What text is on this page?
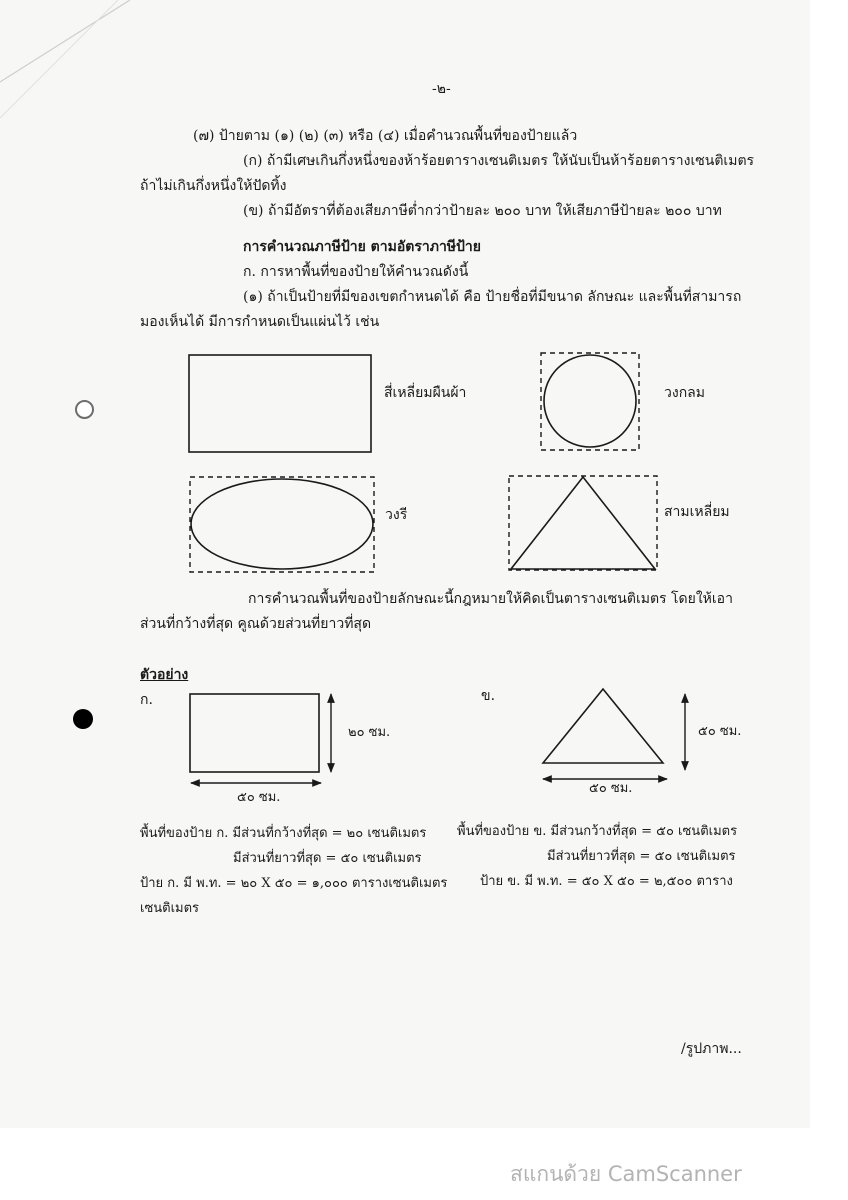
-๒-

(๗) ป้ายตาม (๑) (๒) (๓) หรือ (๔) เมื่อคำนวณพื้นที่ของป้ายแล้ว

(ก) ถ้ามีเศษเกินกึ่งหนึ่งของห้าร้อยตารางเซนติเมตร ให้นับเป็นห้าร้อยตารางเซนติเมตร

ถ้าไม่เกินกึ่งหนึ่งให้ปัดทิ้ง

(ข) ถ้ามีอัตราที่ต้องเสียภาษีต่ำกว่าป้ายละ ๒๐๐ บาท ให้เสียภาษีป้ายละ ๒๐๐ บาท

การคำนวณภาษีป้าย ตามอัตราภาษีป้าย

ก. การหาพื้นที่ของป้ายให้คำนวณดังนี้

(๑) ถ้าเป็นป้ายที่มีของเขตกำหนดได้ คือ ป้ายชื่อที่มีขนาด ลักษณะ และพื้นที่สามารถ

มองเห็นได้ มีการกำหนดเป็นแผ่นไว้ เช่น

สี่เหลี่ยมผืนผ้า	วงกลม

วงรี	สามเหลี่ยม

การคำนวณพื้นที่ของป้ายลักษณะนี้กฎหมายให้คิดเป็นตารางเซนติเมตร โดยให้เอา

ส่วนที่กว้างที่สุด คูณด้วยส่วนที่ยาวที่สุด

ตัวอย่าง

ก.	ข.

๒๐ ซม.

๕๐ ซม.

๕๐ ซม.

๕๐ ซม.

พื้นที่ของป้าย ก. มีส่วนที่กว้างที่สุด = ๒๐ เซนติเมตร

มีส่วนที่ยาวที่สุด = ๕๐ เซนติเมตร

ป้าย ก. มี พ.ท. = ๒๐ X ๕๐ = ๑,๐๐๐ ตารางเซนติเมตร

เซนติเมตร

พื้นที่ของป้าย ข. มีส่วนกว้างที่สุด = ๕๐ เซนติเมตร

มีส่วนที่ยาวที่สุด = ๕๐ เซนติเมตร

ป้าย ข. มี พ.ท. = ๕๐ X ๕๐ = ๒,๕๐๐ ตาราง

/รูปภาพ...

สแกนด้วย CamScanner
